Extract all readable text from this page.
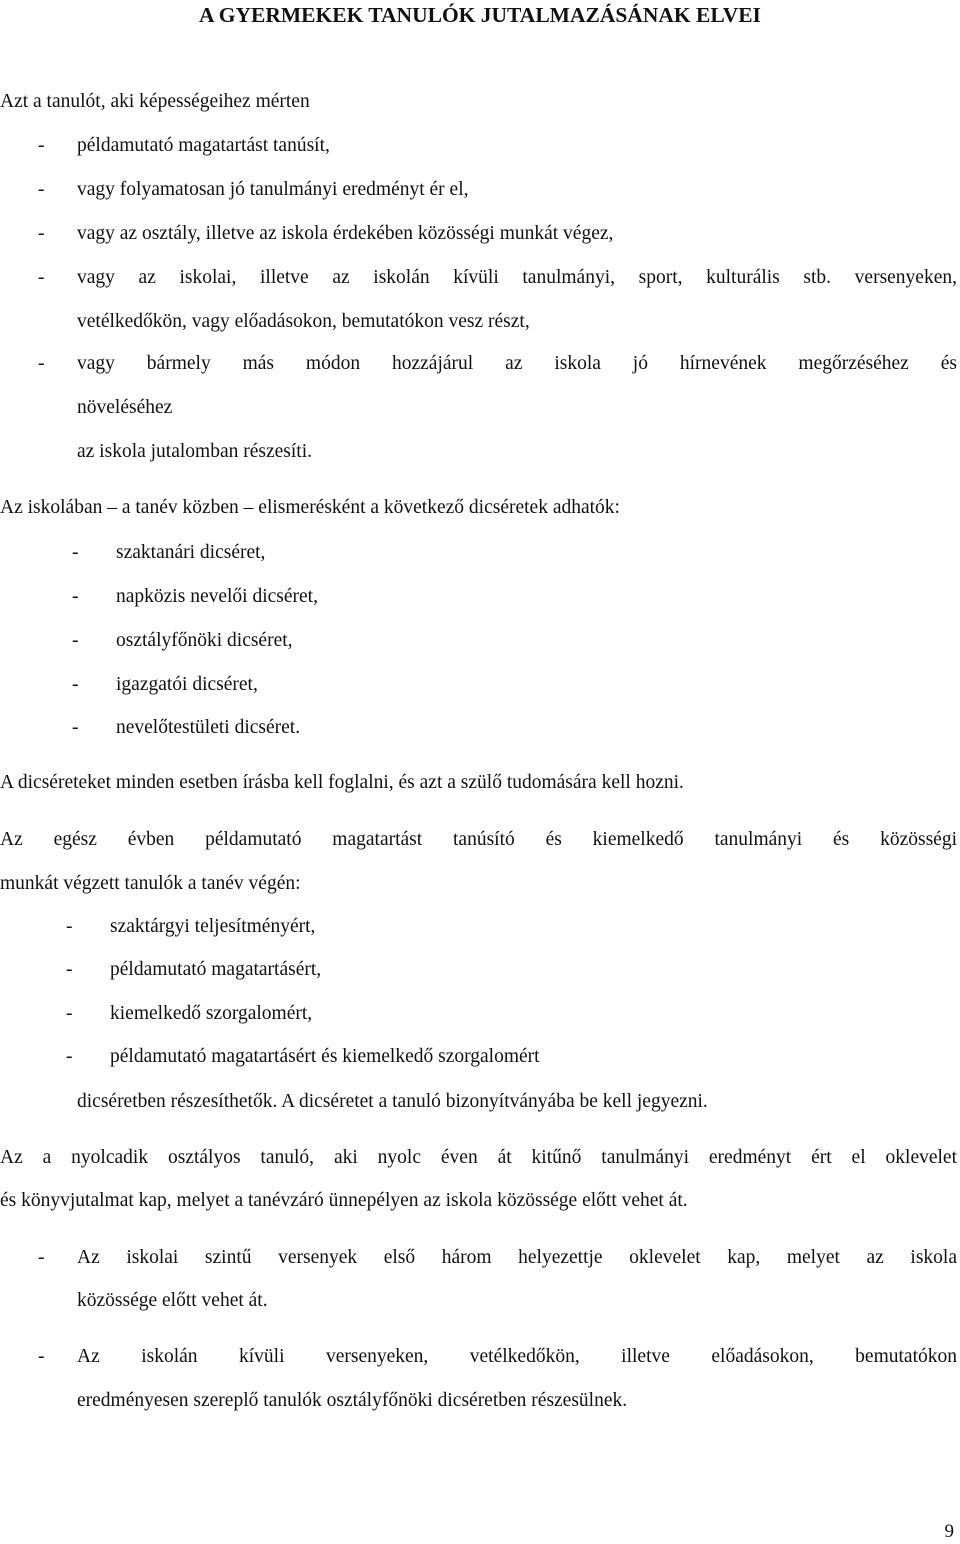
A GYERMEKEK TANULÓK JUTALMAZÁSÁNAK ELVEI
Azt a tanulót, aki képességeihez mérten
- példamutató magatartást tanúsít,
- vagy folyamatosan jó tanulmányi eredményt ér el,
- vagy az osztály, illetve az iskola érdekében közösségi munkát végez,
- vagy az iskolai, illetve az iskolán kívüli tanulmányi, sport, kulturális stb. versenyeken,
vetélkedőkön, vagy előadásokon, bemutatókon vesz részt,
- vagy bármely más módon hozzájárul az iskola jó hírnevének megőrzéséhez és
növeléséhez
az iskola jutalomban részesíti.
Az iskolában – a tanév közben – elismerésként a következő dicséretek adhatók:
- szaktanári dicséret,
- napközis nevelői dicséret,
- osztályfőnöki dicséret,
- igazgatói dicséret,
- nevelőtestületi dicséret.
A dicséreteket minden esetben írásba kell foglalni, és azt a szülő tudomására kell hozni.
Az egész évben példamutató magatartást tanúsító és kiemelkedő tanulmányi és közösségi
munkát végzett tanulók a tanév végén:
- szaktárgyi teljesítményért,
- példamutató magatartásért,
- kiemelkedő szorgalomért,
- példamutató magatartásért és kiemelkedő szorgalomért
dicséretben részesíthetők. A dicséretet a tanuló bizonyítványába be kell jegyezni.
Az a nyolcadik osztályos tanuló, aki nyolc éven át kitűnő tanulmányi eredményt ért el oklevelet
és könyvjutalmat kap, melyet a tanévzáró ünnepélyen az iskola közössége előtt vehet át.
- Az iskolai szintű versenyek első három helyezettje oklevelet kap, melyet az iskola
közössége előtt vehet át.
- Az iskolán kívüli versenyeken, vetélkedőkön, illetve előadásokon, bemutatókon
eredményesen szereplő tanulók osztályfőnöki dicséretben részesülnek.
9
